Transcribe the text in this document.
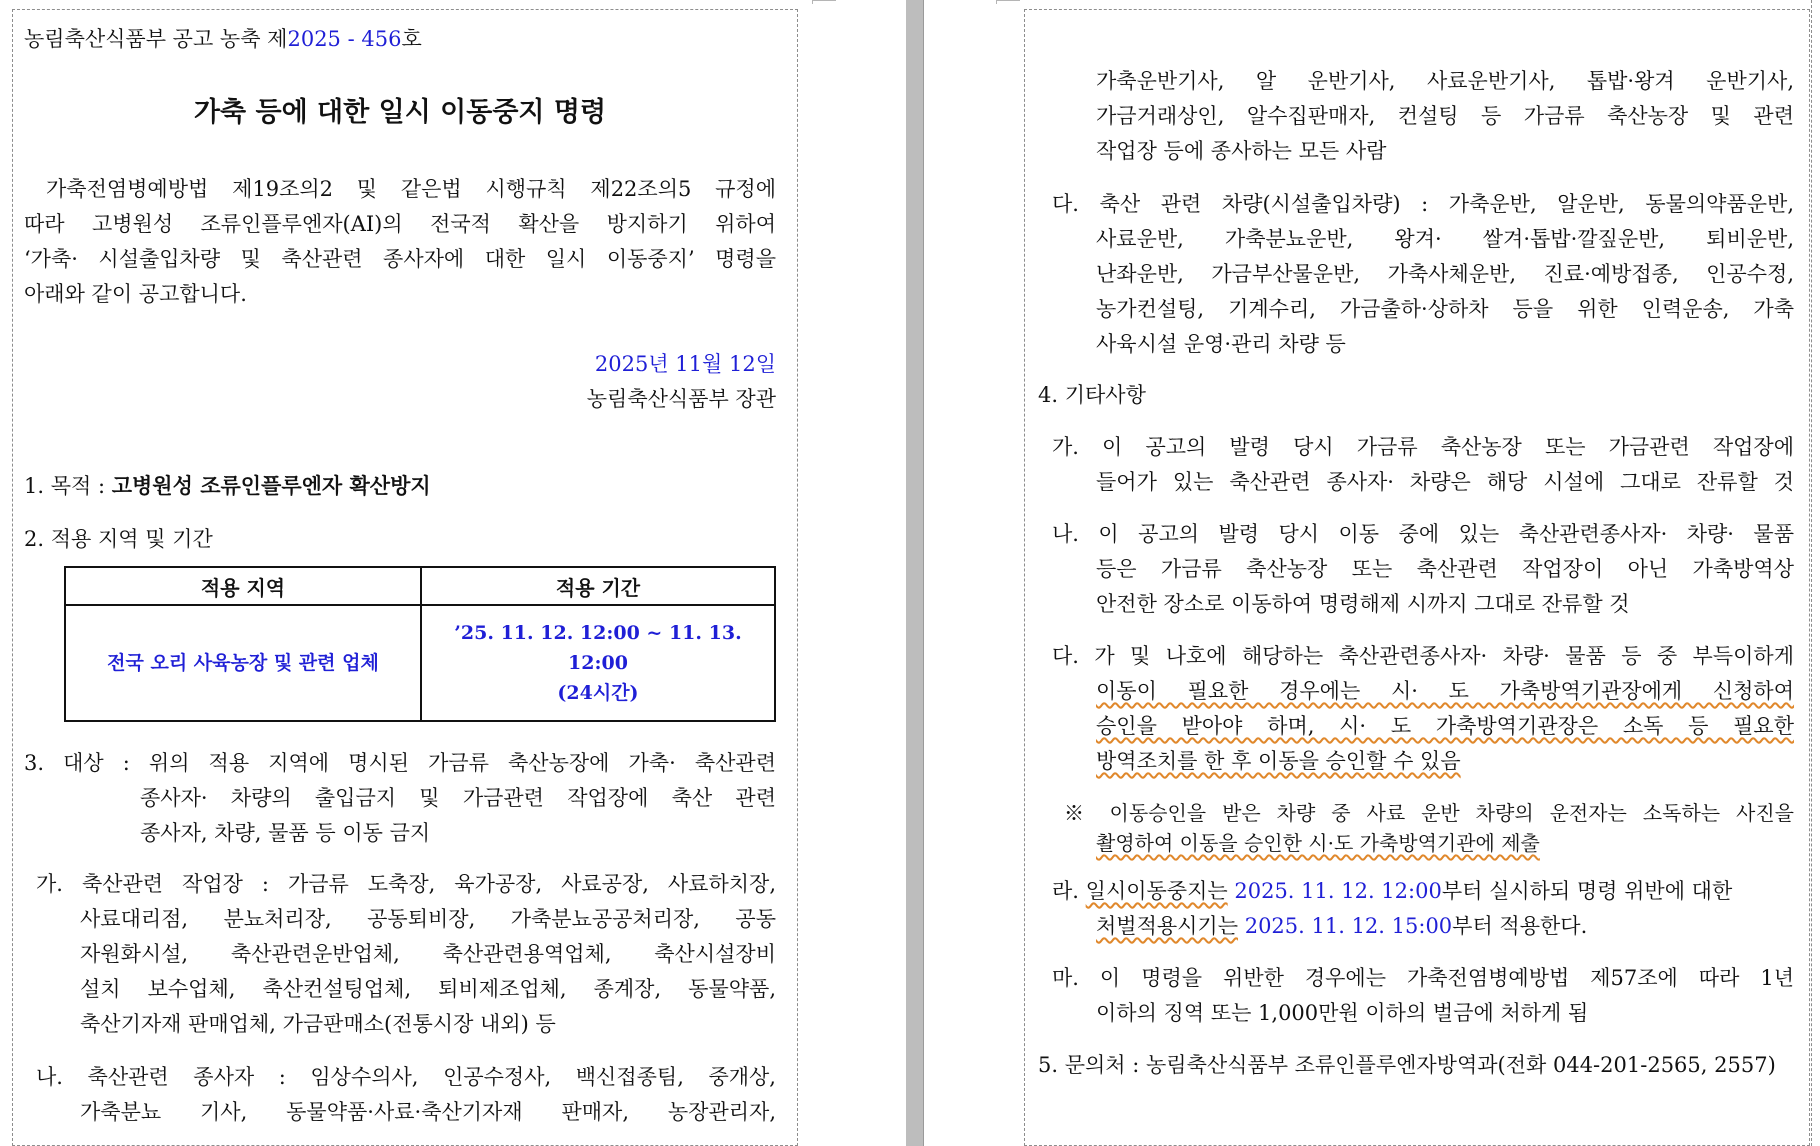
농림축산식품부 공고 농축 제2025 - 456호
가축 등에 대한 일시 이동중지 명령
가축전염병예방법 제19조의2 및 같은법 시행규칙 제22조의5 규정에
따라 고병원성 조류인플루엔자(AI)의 전국적 확산을 방지하기 위하여
‘가축· 시설출입차량 및 축산관련 종사자에 대한 일시 이동중지’ 명령을
아래와 같이 공고합니다.
2025년 11월 12일
농림축산식품부 장관
1. 목적 : 고병원성 조류인플루엔자 확산방지
2. 적용 지역 및 기간
적용 지역	적용 기간
전국 오리 사육농장 및 관련 업체	’25. 11. 12. 12:00 ~ 11. 13. 12:00
(24시간)
3. 대상 : 위의 적용 지역에 명시된 가금류 축산농장에 가축· 축산관련
종사자· 차량의 출입금지 및 가금관련 작업장에 축산 관련
종사자, 차량, 물품 등 이동 금지
가. 축산관련 작업장 : 가금류 도축장, 육가공장, 사료공장, 사료하치장,
사료대리점, 분뇨처리장, 공동퇴비장, 가축분뇨공공처리장, 공동
자원화시설, 축산관련운반업체, 축산관련용역업체, 축산시설장비
설치 보수업체, 축산컨설팅업체, 퇴비제조업체, 종계장, 동물약품,
축산기자재 판매업체, 가금판매소(전통시장 내외) 등
나. 축산관련 종사자 : 임상수의사, 인공수정사, 백신접종팀, 중개상,
가축분뇨 기사, 동물약품·사료·축산기자재 판매자, 농장관리자,
가축운반기사, 알 운반기사, 사료운반기사, 톱밥·왕겨 운반기사,
가금거래상인, 알수집판매자, 컨설팅 등 가금류 축산농장 및 관련
작업장 등에 종사하는 모든 사람
다. 축산 관련 차량(시설출입차량) : 가축운반, 알운반, 동물의약품운반,
사료운반, 가축분뇨운반, 왕겨· 쌀겨·톱밥·깔짚운반, 퇴비운반,
난좌운반, 가금부산물운반, 가축사체운반, 진료·예방접종, 인공수정,
농가컨설팅, 기계수리, 가금출하·상하차 등을 위한 인력운송, 가축
사육시설 운영·관리 차량 등
4. 기타사항
가. 이 공고의 발령 당시 가금류 축산농장 또는 가금관련 작업장에
들어가 있는 축산관련 종사자· 차량은 해당 시설에 그대로 잔류할 것
나. 이 공고의 발령 당시 이동 중에 있는 축산관련종사자· 차량· 물품
등은 가금류 축산농장 또는 축산관련 작업장이 아닌 가축방역상
안전한 장소로 이동하여 명령해제 시까지 그대로 잔류할 것
다. 가 및 나호에 해당하는 축산관련종사자· 차량· 물품 등 중 부득이하게
이동이 필요한 경우에는 시· 도 가축방역기관장에게 신청하여
승인을 받아야 하며, 시· 도 가축방역기관장은 소독 등 필요한
방역조치를 한 후 이동을 승인할 수 있음
※ 이동승인을 받은 차량 중 사료 운반 차량의 운전자는 소독하는 사진을
촬영하여 이동을 승인한 시·도 가축방역기관에 제출
라. 일시이동중지는 2025. 11. 12. 12:00부터 실시하되 명령 위반에 대한
처벌적용시기는 2025. 11. 12. 15:00부터 적용한다.
마. 이 명령을 위반한 경우에는 가축전염병예방법 제57조에 따라 1년
이하의 징역 또는 1,000만원 이하의 벌금에 처하게 됨
5. 문의처 : 농림축산식품부 조류인플루엔자방역과(전화 044-201-2565, 2557)
